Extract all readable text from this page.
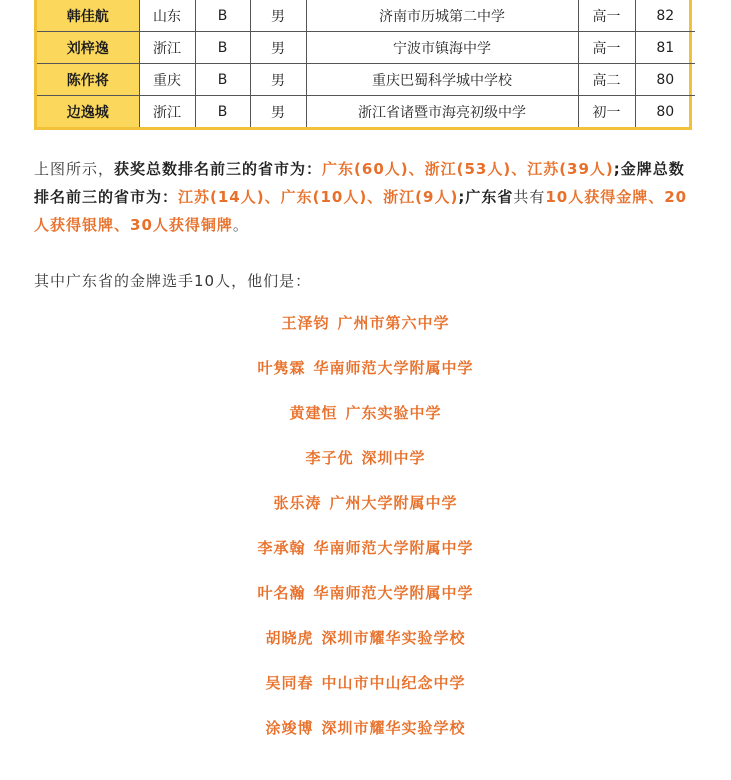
韩佳航	山东	B	男	济南市历城第二中学	高一	82
刘梓逸	浙江	B	男	宁波市镇海中学	高一	81
陈作将	重庆	B	男	重庆巴蜀科学城中学校	高二	80
边逸城	浙江	B	男	浙江省诸暨市海亮初级中学	初一	80

上图所示，获奖总数排名前三的省市为：广东(60人)、浙江(53人)、江苏(39人);金牌总数排名前三的省市为：江苏(14人)、广东(10人)、浙江(9人);广东省共有10人获得金牌、20人获得银牌、30人获得铜牌。

其中广东省的金牌选手10人，他们是：

王泽钧 广州市第六中学
叶隽霖 华南师范大学附属中学
黄建恒 广东实验中学
李子优 深圳中学
张乐涛 广州大学附属中学
李承翰 华南师范大学附属中学
叶名瀚 华南师范大学附属中学
胡晓虎 深圳市耀华实验学校
吴同春 中山市中山纪念中学
涂竣博 深圳市耀华实验学校
